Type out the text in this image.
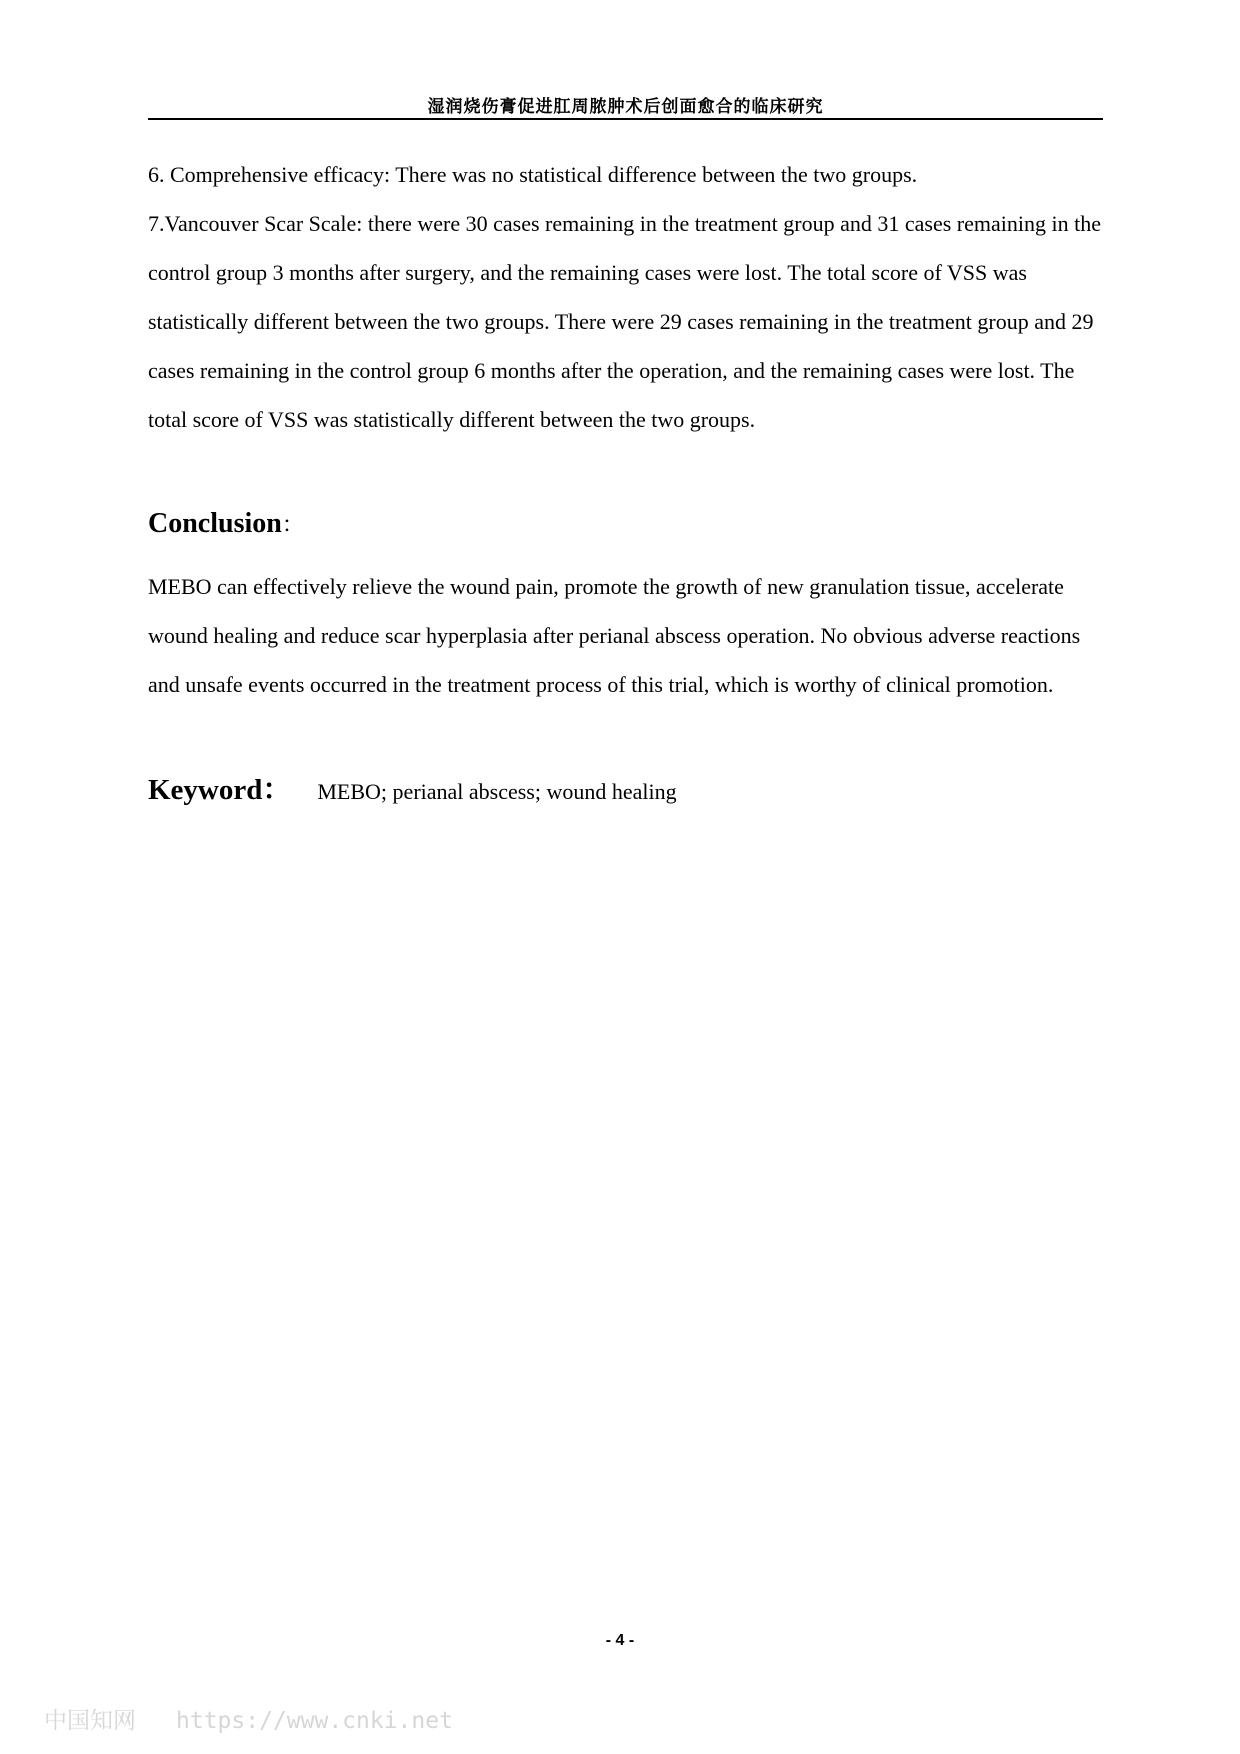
湿润烧伤膏促进肛周脓肿术后创面愈合的临床研究

6. Comprehensive efficacy: There was no statistical difference between the two groups.

7.Vancouver Scar Scale: there were 30 cases remaining in the treatment group and 31 cases remaining in the control group 3 months after surgery, and the remaining cases were lost. The total score of VSS was statistically different between the two groups. There were 29 cases remaining in the treatment group and 29 cases remaining in the control group 6 months after the operation, and the remaining cases were lost. The total score of VSS was statistically different between the two groups.

Conclusion：

MEBO can effectively relieve the wound pain, promote the growth of new granulation tissue, accelerate wound healing and reduce scar hyperplasia after perianal abscess operation. No obvious adverse reactions and unsafe events occurred in the treatment process of this trial, which is worthy of clinical promotion.

Keyword： MEBO; perianal abscess; wound healing
- 4 -
中国知网 https://www.cnki.net
